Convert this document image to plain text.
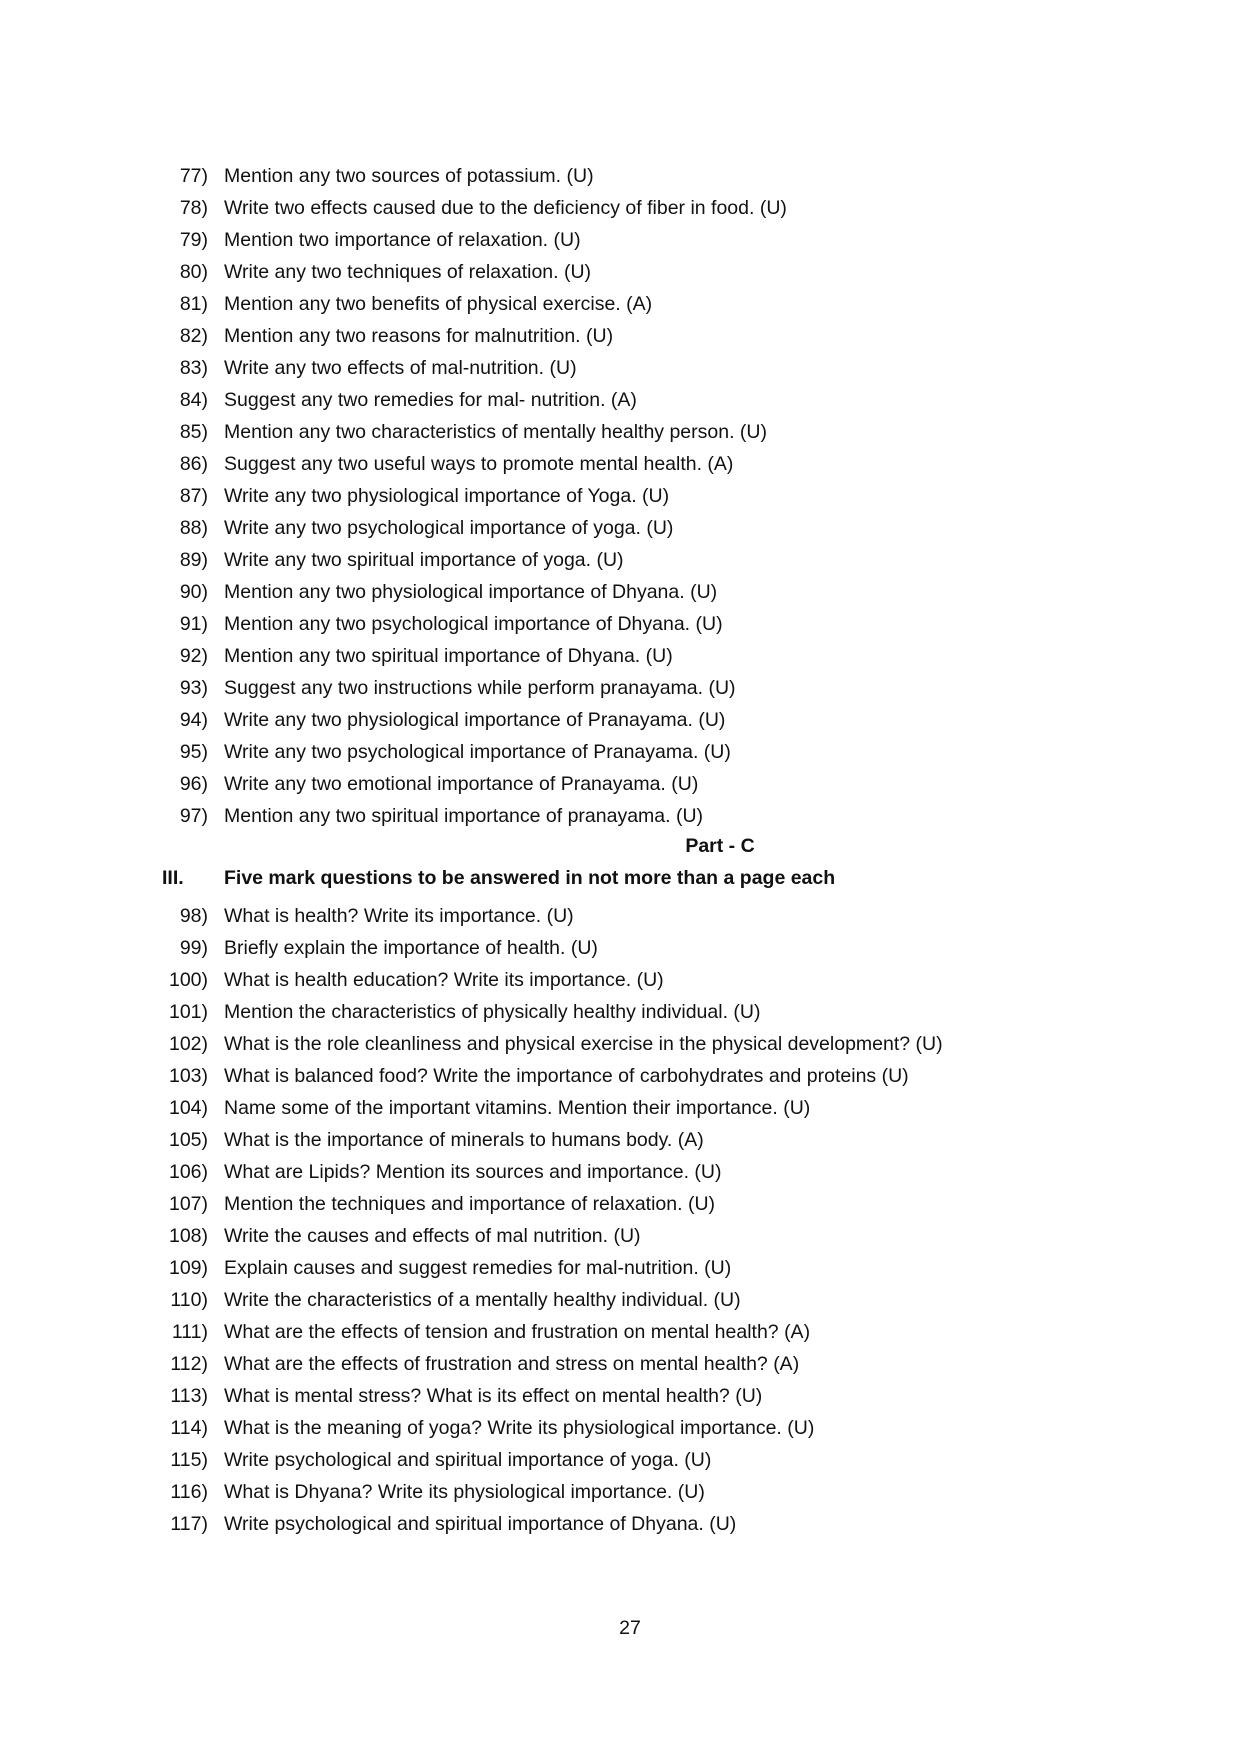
77) Mention any two sources of potassium. (U)
78) Write two effects caused due to the deficiency of fiber in food. (U)
79) Mention two importance of relaxation. (U)
80) Write any two techniques of relaxation. (U)
81) Mention any two benefits of physical exercise. (A)
82) Mention any two reasons for malnutrition. (U)
83) Write any two effects of mal-nutrition. (U)
84) Suggest any two remedies for mal- nutrition. (A)
85) Mention any two characteristics of mentally healthy person. (U)
86) Suggest any two useful ways to promote mental health. (A)
87) Write any two physiological importance of Yoga. (U)
88) Write any two psychological importance of yoga. (U)
89) Write any two spiritual importance of yoga. (U)
90) Mention any two physiological importance of Dhyana. (U)
91) Mention any two psychological importance of Dhyana. (U)
92) Mention any two spiritual importance of Dhyana. (U)
93) Suggest any two instructions while perform pranayama. (U)
94) Write any two physiological importance of Pranayama. (U)
95) Write any two psychological importance of Pranayama. (U)
96) Write any two emotional importance of Pranayama. (U)
97) Mention any two spiritual importance of pranayama. (U)
Part - C
III. Five mark questions to be answered in not more than a page each
98) What is health? Write its importance. (U)
99) Briefly explain the importance of health. (U)
100) What is health education? Write its importance. (U)
101) Mention the characteristics of physically healthy individual. (U)
102) What is the role cleanliness and physical exercise in the physical development? (U)
103) What is balanced food? Write the importance of carbohydrates and proteins (U)
104) Name some of the important vitamins. Mention their importance. (U)
105) What is the importance of minerals to humans body. (A)
106) What are Lipids? Mention its sources and importance. (U)
107) Mention the techniques and importance of relaxation. (U)
108) Write the causes and effects of mal nutrition. (U)
109) Explain causes and suggest remedies for mal-nutrition. (U)
110) Write the characteristics of a mentally healthy individual. (U)
111) What are the effects of tension and frustration on mental health? (A)
112) What are the effects of frustration and stress on mental health? (A)
113) What is mental stress? What is its effect on mental health? (U)
114) What is the meaning of yoga? Write its physiological importance. (U)
115) Write psychological and spiritual importance of yoga. (U)
116) What is Dhyana? Write its physiological importance. (U)
117) Write psychological and spiritual importance of Dhyana. (U)
27
